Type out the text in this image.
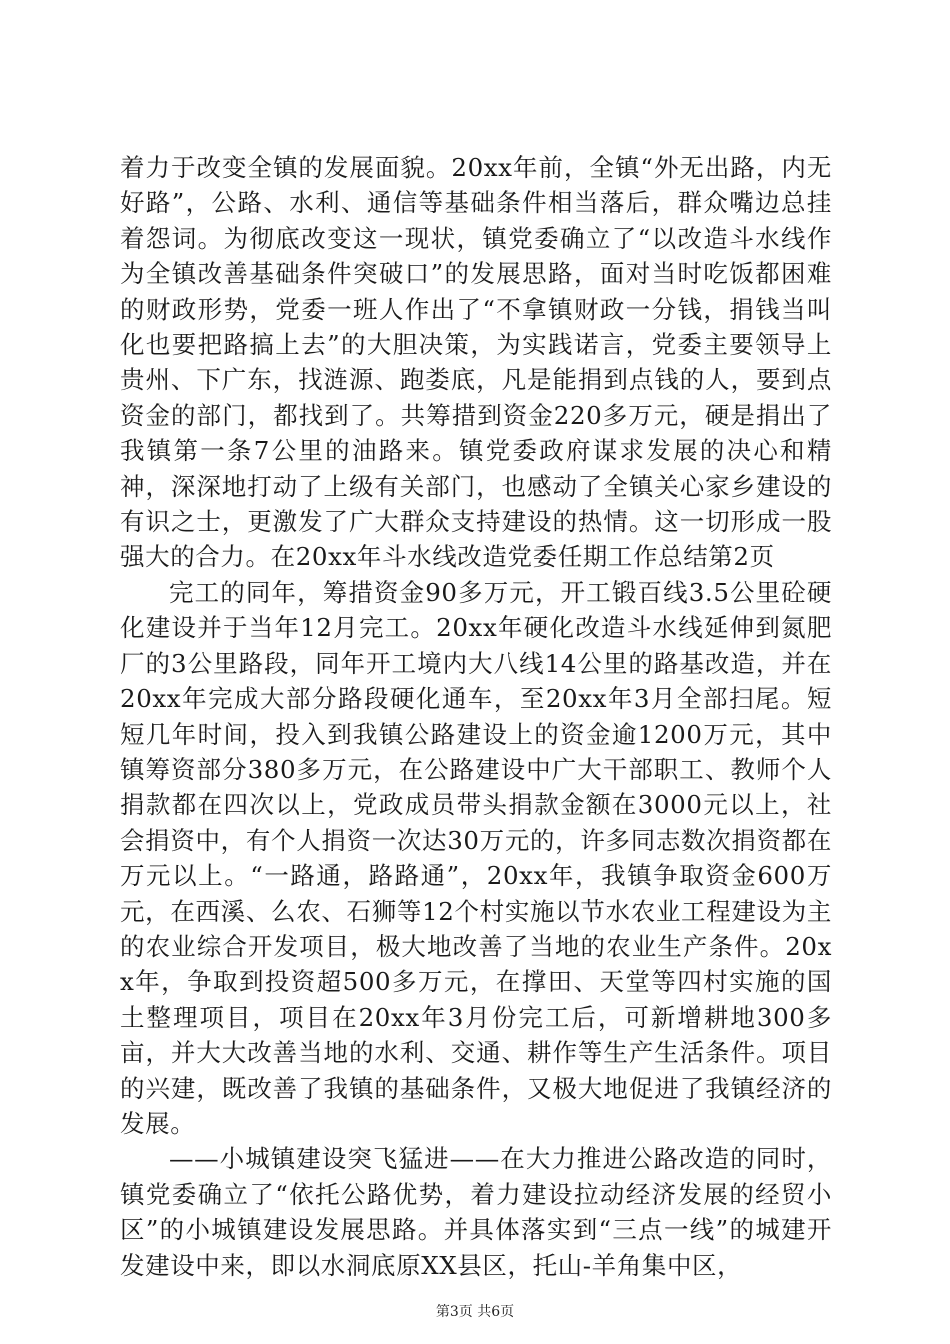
着力于改变全镇的发展面貌。20xx年前，全镇“外无出路，内无好路”，公路、水利、通信等基础条件相当落后，群众嘴边总挂着怨词。为彻底改变这一现状，镇党委确立了“以改造斗水线作为全镇改善基础条件突破口”的发展思路，面对当时吃饭都困难的财政形势，党委一班人作出了“不拿镇财政一分钱，捐钱当叫化也要把路搞上去”的大胆决策，为实践诺言，党委主要领导上贵州、下广东，找涟源、跑娄底，凡是能捐到点钱的人，要到点资金的部门，都找到了。共筹措到资金220多万元，硬是捐出了我镇第一条7公里的油路来。镇党委政府谋求发展的决心和精神，深深地打动了上级有关部门，也感动了全镇关心家乡建设的有识之士，更激发了广大群众支持建设的热情。这一切形成一股强大的合力。在20xx年斗水线改造党委任期工作总结第2页

完工的同年，筹措资金90多万元，开工锻百线3.5公里砼硬化建设并于当年12月完工。20xx年硬化改造斗水线延伸到氮肥厂的3公里路段，同年开工境内大八线14公里的路基改造，并在20xx年完成大部分路段硬化通车，至20xx年3月全部扫尾。短短几年时间，投入到我镇公路建设上的资金逾1200万元，其中镇筹资部分380多万元，在公路建设中广大干部职工、教师个人捐款都在四次以上，党政成员带头捐款金额在3000元以上，社会捐资中，有个人捐资一次达30万元的，许多同志数次捐资都在万元以上。“一路通，路路通”，20xx年，我镇争取资金600万元，在西溪、么农、石狮等12个村实施以节水农业工程建设为主的农业综合开发项目，极大地改善了当地的农业生产条件。20xx年，争取到投资超500多万元，在撑田、天堂等四村实施的国土整理项目，项目在20xx年3月份完工后，可新增耕地300多亩，并大大改善当地的水利、交通、耕作等生产生活条件。项目的兴建，既改善了我镇的基础条件，又极大地促进了我镇经济的发展。

——小城镇建设突飞猛进——在大力推进公路改造的同时，镇党委确立了“依托公路优势，着力建设拉动经济发展的经贸小区”的小城镇建设发展思路。并具体落实到“三点一线”的城建开发建设中来，即以水洞底原XX县区，托山-羊角集中区，

第3页 共6页
